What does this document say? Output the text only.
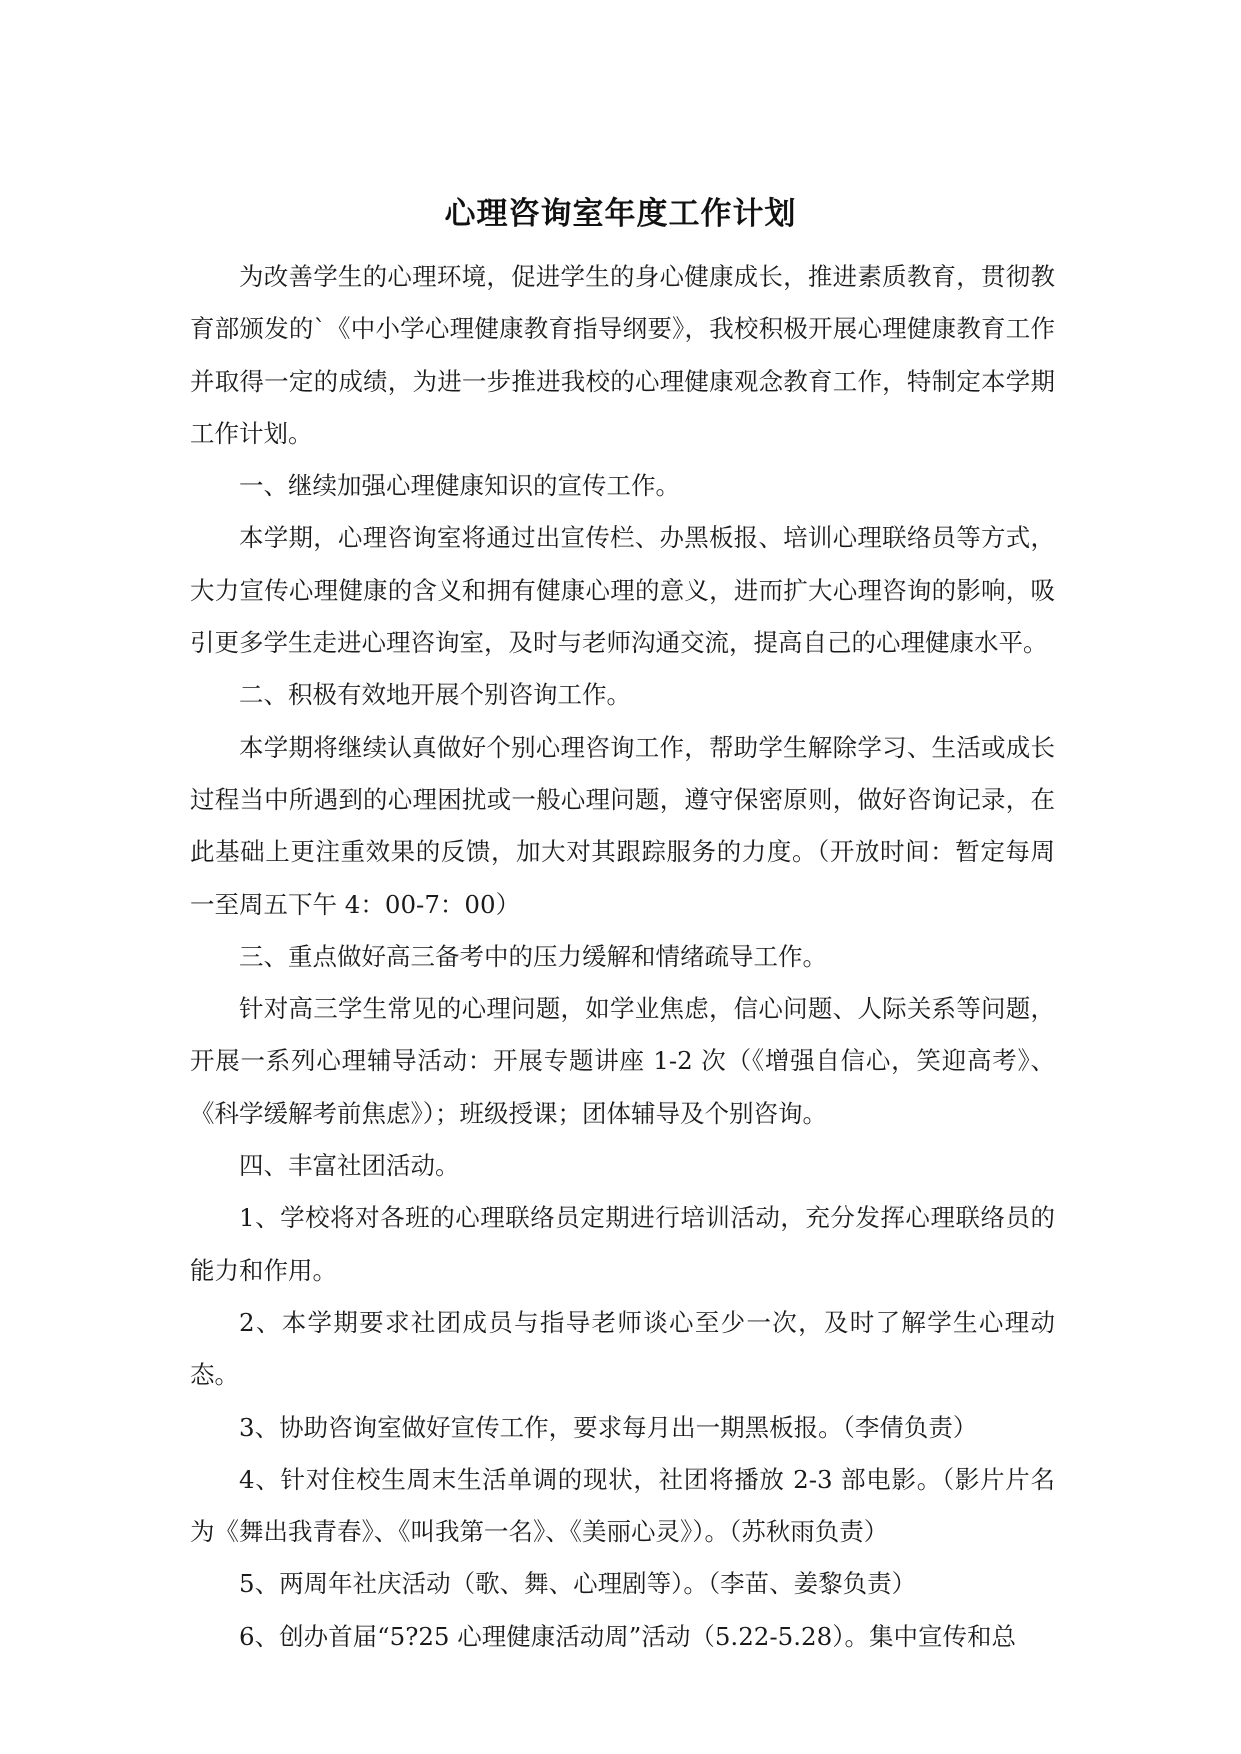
心理咨询室年度工作计划

为改善学生的心理环境，促进学生的身心健康成长，推进素质教育，贯彻教育部颁发的`《中小学心理健康教育指导纲要》，我校积极开展心理健康教育工作并取得一定的成绩，为进一步推进我校的心理健康观念教育工作，特制定本学期工作计划。

一、继续加强心理健康知识的宣传工作。

本学期，心理咨询室将通过出宣传栏、办黑板报、培训心理联络员等方式，大力宣传心理健康的含义和拥有健康心理的意义，进而扩大心理咨询的影响，吸引更多学生走进心理咨询室，及时与老师沟通交流，提高自己的心理健康水平。

二、积极有效地开展个别咨询工作。

本学期将继续认真做好个别心理咨询工作，帮助学生解除学习、生活或成长过程当中所遇到的心理困扰或一般心理问题，遵守保密原则，做好咨询记录，在此基础上更注重效果的反馈，加大对其跟踪服务的力度。（开放时间：暂定每周一至周五下午 4：00-7：00）

三、重点做好高三备考中的压力缓解和情绪疏导工作。

针对高三学生常见的心理问题，如学业焦虑，信心问题、人际关系等问题，开展一系列心理辅导活动：开展专题讲座 1-2 次（《增强自信心，笑迎高考》、《科学缓解考前焦虑》）；班级授课；团体辅导及个别咨询。

四、丰富社团活动。

1、学校将对各班的心理联络员定期进行培训活动，充分发挥心理联络员的能力和作用。

2、本学期要求社团成员与指导老师谈心至少一次，及时了解学生心理动态。

3、协助咨询室做好宣传工作，要求每月出一期黑板报。（李倩负责）

4、针对住校生周末生活单调的现状，社团将播放 2-3 部电影。（影片片名为《舞出我青春》、《叫我第一名》、《美丽心灵》）。（苏秋雨负责）

5、两周年社庆活动（歌、舞、心理剧等）。（李苗、姜黎负责）

6、创办首届“5?25 心理健康活动周”活动（5.22-5.28）。集中宣传和总
